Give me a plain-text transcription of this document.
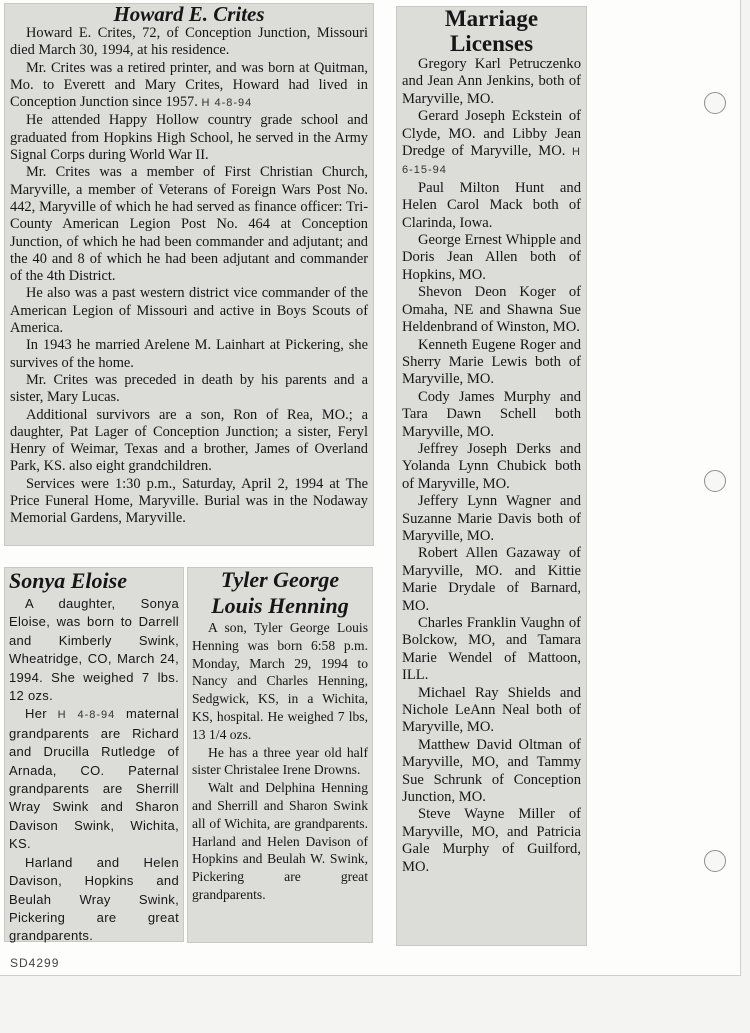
Howard E. Crites

Howard E. Crites, 72, of Conception Junction, Missouri died March 30, 1994, at his residence.

Mr. Crites was a retired printer, and was born at Quitman, Mo. to Everett and Mary Crites, Howard had lived in Conception Junction since 1957. H 4-8-94

He attended Happy Hollow country grade school and graduated from Hopkins High School, he served in the Army Signal Corps during World War II.

Mr. Crites was a member of First Christian Church, Maryville, a member of Veterans of Foreign Wars Post No. 442, Maryville of which he had served as finance officer: Tri-County American Legion Post No. 464 at Conception Junction, of which he had been commander and adjutant; and the 40 and 8 of which he had been adjutant and commander of the 4th District.

He also was a past western district vice commander of the American Legion of Missouri and active in Boys Scouts of America.

In 1943 he married Arelene M. Lainhart at Pickering, she survives of the home.

Mr. Crites was preceded in death by his parents and a sister, Mary Lucas.

Additional survivors are a son, Ron of Rea, MO.; a daughter, Pat Lager of Conception Junction; a sister, Feryl Henry of Weimar, Texas and a brother, James of Overland Park, KS. also eight grandchildren.

Services were 1:30 p.m., Saturday, April 2, 1994 at The Price Funeral Home, Maryville. Burial was in the Nodaway Memorial Gardens, Maryville.

Sonya Eloise

A daughter, Sonya Eloise, was born to Darrell and Kimberly Swink, Wheatridge, CO, March 24, 1994. She weighed 7 lbs. 12 ozs.

Her H 4-8-94 maternal grandparents are Richard and Drucilla Rutledge of Arnada, CO. Paternal grandparents are Sherrill Wray Swink and Sharon Davison Swink, Wichita, KS.

Harland and Helen Davison, Hopkins and Beulah Wray Swink, Pickering are great grandparents.

Tyler George
Louis Henning

A son, Tyler George Louis Henning was born 6:58 p.m. Monday, March 29, 1994 to Nancy and Charles Henning, Sedgwick, KS, in a Wichita, KS, hospital. He weighed 7 lbs, 13 1/4 ozs.

He has a three year old half sister Christalee Irene Drowns.

Walt and Delphina Henning and Sherrill and Sharon Swink all of Wichita, are grandparents. Harland and Helen Davison of Hopkins and Beulah W. Swink, Pickering are great grandparents.

Marriage
Licenses

Gregory Karl Petruczenko and Jean Ann Jenkins, both of Maryville, MO.

Gerard Joseph Eckstein of Clyde, MO. and Libby Jean Dredge of Maryville, MO. H 6-15-94

Paul Milton Hunt and Helen Carol Mack both of Clarinda, Iowa.

George Ernest Whipple and Doris Jean Allen both of Hopkins, MO.

Shevon Deon Koger of Omaha, NE and Shawna Sue Heldenbrand of Winston, MO.

Kenneth Eugene Roger and Sherry Marie Lewis both of Maryville, MO.

Cody James Murphy and Tara Dawn Schell both Maryville, MO.

Jeffrey Joseph Derks and Yolanda Lynn Chubick both of Maryville, MO.

Jeffery Lynn Wagner and Suzanne Marie Davis both of Maryville, MO.

Robert Allen Gazaway of Maryville, MO. and Kittie Marie Drydale of Barnard, MO.

Charles Franklin Vaughn of Bolckow, MO, and Tamara Marie Wendel of Mattoon, ILL.

Michael Ray Shields and Nichole LeAnn Neal both of Maryville, MO.

Matthew David Oltman of Maryville, MO, and Tammy Sue Schrunk of Conception Junction, MO.

Steve Wayne Miller of Maryville, MO, and Patricia Gale Murphy of Guilford, MO.

SD4299
